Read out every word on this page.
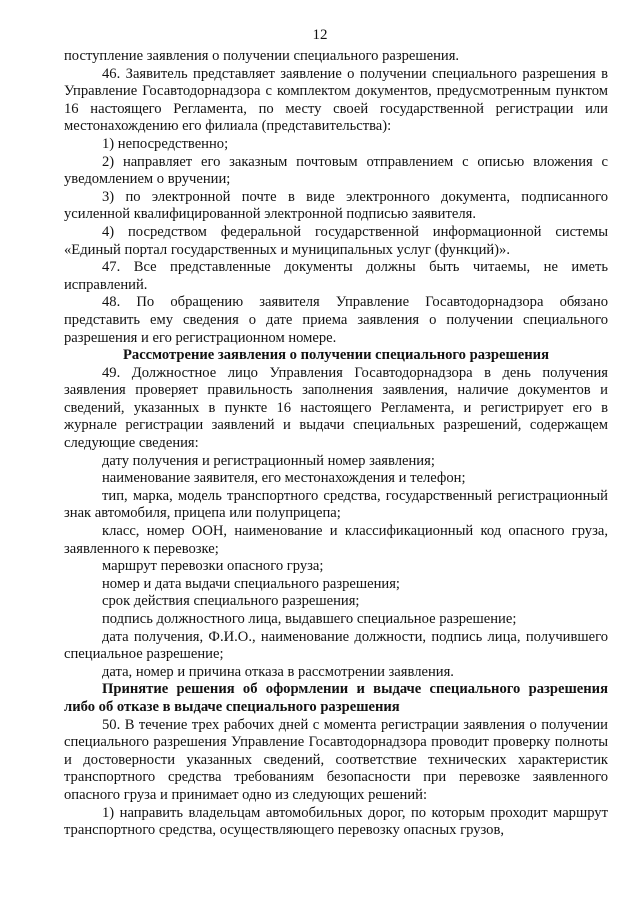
12

поступление заявления о получении специального разрешения.

46. Заявитель представляет заявление о получении специального разрешения в Управление Госавтодорнадзора с комплектом документов, предусмотренным пунктом 16 настоящего Регламента, по месту своей государственной регистрации или местонахождению его филиала (представительства):

1) непосредственно;

2) направляет его заказным почтовым отправлением с описью вложения с уведомлением о вручении;

3) по электронной почте в виде электронного документа, подписанного усиленной квалифицированной электронной подписью заявителя.

4) посредством федеральной государственной информационной системы «Единый портал государственных и муниципальных услуг (функций)».

47. Все представленные документы должны быть читаемы, не иметь исправлений.

48. По обращению заявителя Управление Госавтодорнадзора обязано представить ему сведения о дате приема заявления о получении специального разрешения и его регистрационном номере.

Рассмотрение заявления о получении специального разрешения

49. Должностное лицо Управления Госавтодорнадзора в день получения заявления проверяет правильность заполнения заявления, наличие документов и сведений, указанных в пункте 16 настоящего Регламента, и регистрирует его в журнале регистрации заявлений и выдачи специальных разрешений, содержащем следующие сведения:

дату получения и регистрационный номер заявления;

наименование заявителя, его местонахождения и телефон;

тип, марка, модель транспортного средства, государственный регистрационный знак автомобиля, прицепа или полуприцепа;

класс, номер ООН, наименование и классификационный код опасного груза, заявленного к перевозке;

маршрут перевозки опасного груза;

номер и дата выдачи специального разрешения;

срок действия специального разрешения;

подпись должностного лица, выдавшего специальное разрешение;

дата получения, Ф.И.О., наименование должности, подпись лица, получившего специальное разрешение;

дата, номер и причина отказа в рассмотрении заявления.

Принятие решения об оформлении и выдаче специального разрешения либо об отказе в выдаче специального разрешения

50. В течение трех рабочих дней с момента регистрации заявления о получении специального разрешения Управление Госавтодорнадзора проводит проверку полноты и достоверности указанных сведений, соответствие технических характеристик транспортного средства требованиям безопасности при перевозке заявленного опасного груза и принимает одно из следующих решений:

1) направить владельцам автомобильных дорог, по которым проходит маршрут транспортного средства, осуществляющего перевозку опасных грузов,
